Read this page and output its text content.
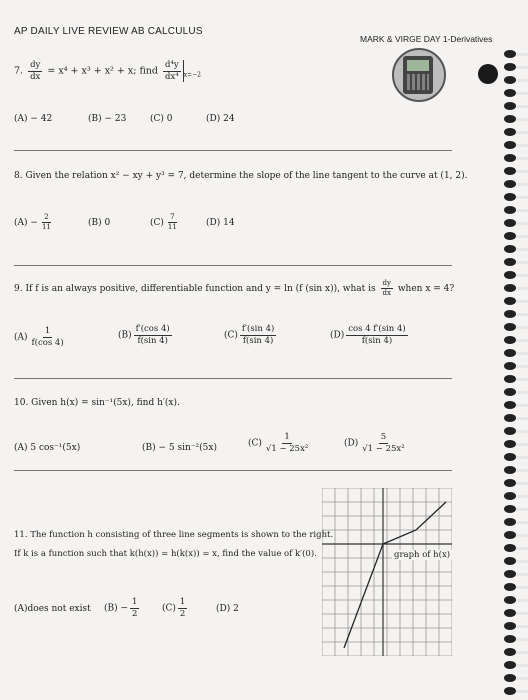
AP DAILY LIVE REVIEW AB CALCULUS
MARK & VIRGE DAY 1-Derivatives
7. $\frac{dy}{dx} = x^4 + x^3 + x^2 + x$; find $\frac{\text{d⁴y}}{\text{dx⁴}} _{x=-2}$
(A) − 42	(B) − 23	(C) 0	(D) 24
8. Given the relation x² − xy + y³ = 7, determine the slope of the line tangent to the curve at (1, 2).
$(A) - \frac{2}{11}$	(B) 0	$(C) \frac{7}{11}$	(D) 14
9. If f is an always positive, differentiable function and y = ln (f (sin x)), what is $\frac{dy}{dx}$ when x = 4?
$(A) \frac{1}{f(\cos 4)}$	$(B) \frac{f'(\cos 4)}{f(\sin 4)}$	$(C) \frac{f'(\sin 4)}{f(\sin 4)}$	$(D) \frac{\cos 4 f'(\sin 4)}{f(\sin 4)}$
10. Given h(x) = sin⁻¹(5x), find h′(x).
(A) 5 cos⁻¹(5x)	(B) − 5 sin⁻²(5x)	$(C) \frac{1}{\text{√1 − 25x²}}$	$(D) \frac{5}{\text{√1 − 25x²}}$
11. The function h consisting of three line segments is shown to the right.
If k is a function such that k(h(x)) = h(k(x)) = x, find the value of k′(0).	graph of h(x)
(A)does not exist $(B) - \frac{1}{2}$	$(C) \frac{1}{2}$	(D) 2
